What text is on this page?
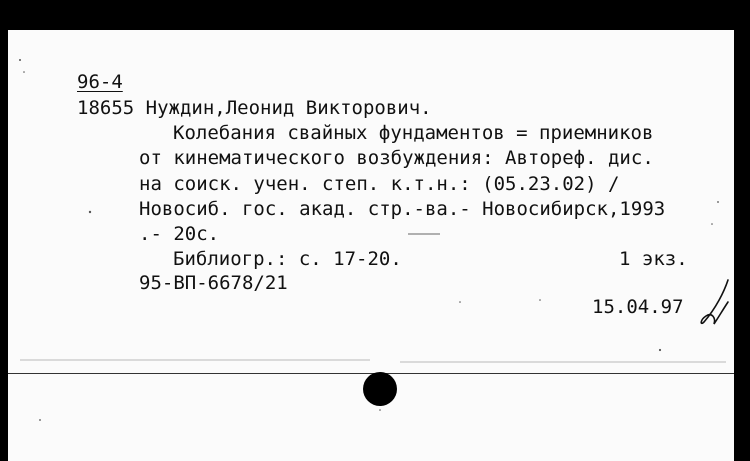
96-4

18655 Нуждин,Леонид Викторович.

Колебания свайных фундаментов = приемников

от кинематического возбуждения: Автореф. дис.

на соиск. учен. степ. к.т.н.: (05.23.02) /

Новосиб. гос. акад. стр.-ва.- Новосибирск,1993

.- 20с.

Библиогр.: с. 17-20.	1 экз.

95-ВП-6678/21

15.04.97
